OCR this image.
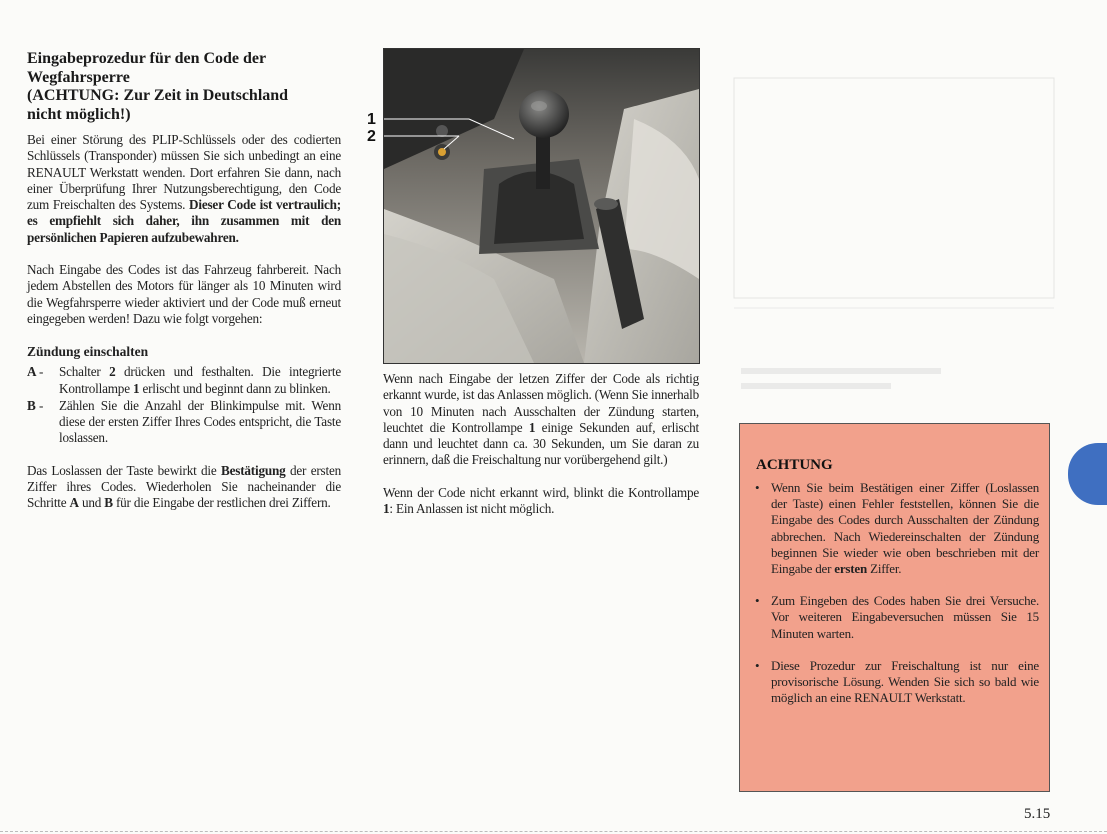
Eingabeprozedur für den Code der
Wegfahrsperre
(ACHTUNG: Zur Zeit in Deutschland
nicht möglich!)

Bei einer Störung des PLIP-Schlüssels oder des codierten Schlüssels (Transponder) müssen Sie sich unbedingt an eine RENAULT Werkstatt wenden. Dort erfahren Sie dann, nach einer Überprüfung Ihrer Nutzungsberechtigung, den Code zum Freischalten des Systems. Dieser Code ist vertraulich; es empfiehlt sich daher, ihn zusammen mit den persönlichen Papieren aufzubewahren.

Nach Eingabe des Codes ist das Fahrzeug fahrbereit. Nach jedem Abstellen des Motors für länger als 10 Minuten wird die Wegfahrsperre wieder aktiviert und der Code muß erneut eingegeben werden! Dazu wie folgt vorgehen:

Zündung einschalten
A -	Schalter 2 drücken und festhalten. Die integrierte Kontrollampe 1 erlischt und beginnt dann zu blinken.
B -	Zählen Sie die Anzahl der Blinkimpulse mit. Wenn diese der ersten Ziffer Ihres Codes entspricht, die Taste loslassen.

Das Loslassen der Taste bewirkt die Bestätigung der ersten Ziffer ihres Codes. Wiederholen Sie nacheinander die Schritte A und B für die Eingabe der restlichen drei Ziffern.

1
2

Wenn nach Eingabe der letzen Ziffer der Code als richtig erkannt wurde, ist das Anlassen möglich. (Wenn Sie innerhalb von 10 Minuten nach Ausschalten der Zündung starten, leuchtet die Kontrollampe 1 einige Sekunden auf, erlischt dann und leuchtet dann ca. 30 Sekunden, um Sie daran zu erinnern, daß die Freischaltung nur vorübergehend gilt.)

Wenn der Code nicht erkannt wird, blinkt die Kontrollampe 1: Ein Anlassen ist nicht möglich.

ACHTUNG
• Wenn Sie beim Bestätigen einer Ziffer (Loslassen der Taste) einen Fehler feststellen, können Sie die Eingabe des Codes durch Ausschalten der Zündung abbrechen. Nach Wiedereinschalten der Zündung beginnen Sie wieder wie oben beschrieben mit der Eingabe der ersten Ziffer.
• Zum Eingeben des Codes haben Sie drei Versuche. Vor weiteren Eingabeversuchen müssen Sie 15 Minuten warten.
• Diese Prozedur zur Freischaltung ist nur eine provisorische Lösung. Wenden Sie sich so bald wie möglich an eine RENAULT Werkstatt.
5.15
